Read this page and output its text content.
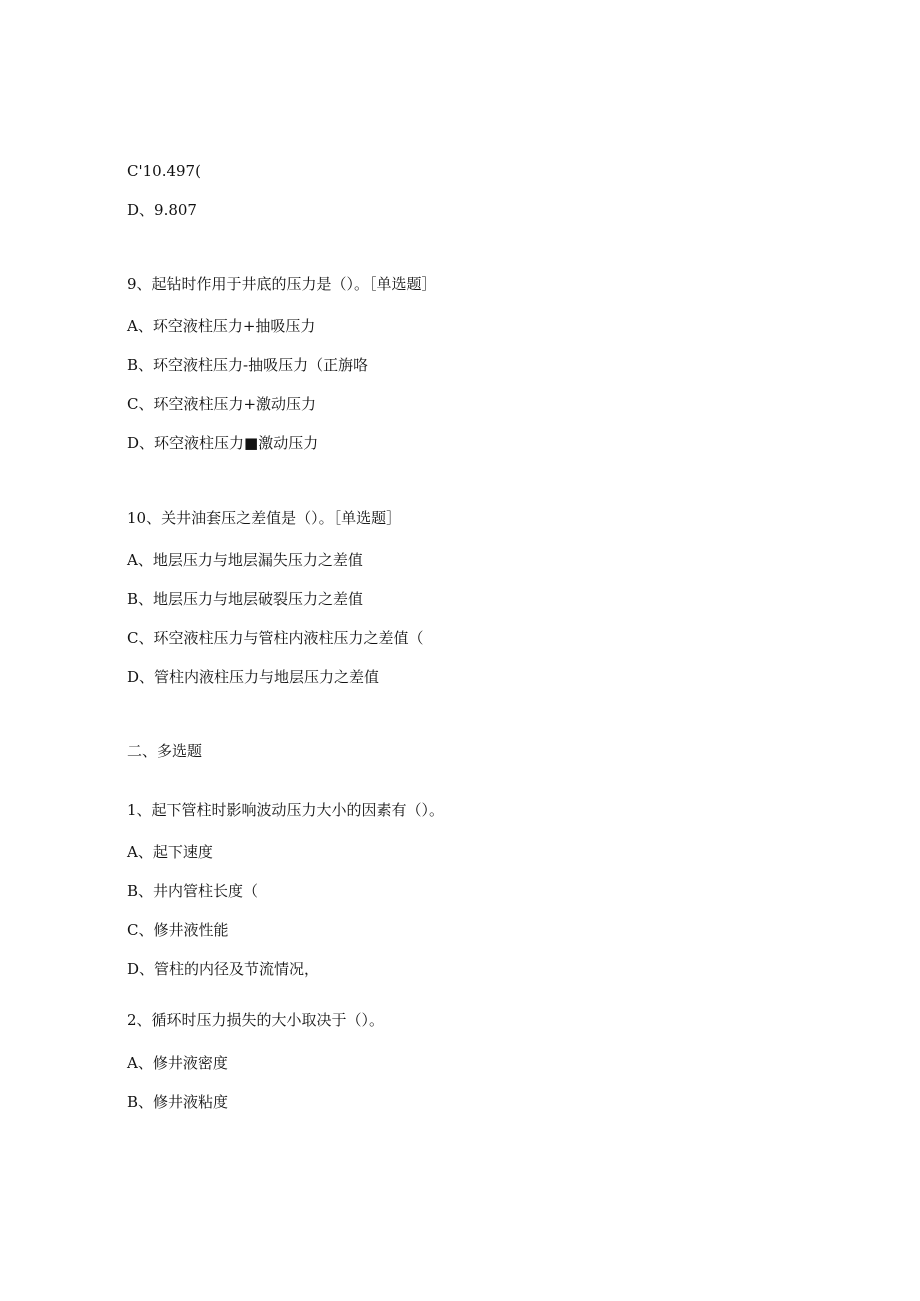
C'10.497(

D、9.807

9、起钻时作用于井底的压力是（）。［单选题］

A、环空液柱压力+抽吸压力

B、环空液柱压力-抽吸压力（正旃咯

C、环空液柱压力+激动压力

D、环空液柱压力■激动压力

10、关井油套压之差值是（）。［单选题］

A、地层压力与地层漏失压力之差值

B、地层压力与地层破裂压力之差值

C、环空液柱压力与管柱内液柱压力之差值（

D、管柱内液柱压力与地层压力之差值

二、多选题

1、起下管柱时影响波动压力大小的因素有（）。

A、起下速度

B、井内管柱长度（

C、修井液性能

D、管柱的内径及节流情况，

2、循环时压力损失的大小取决于（）。

A、修井液密度

B、修井液粘度
